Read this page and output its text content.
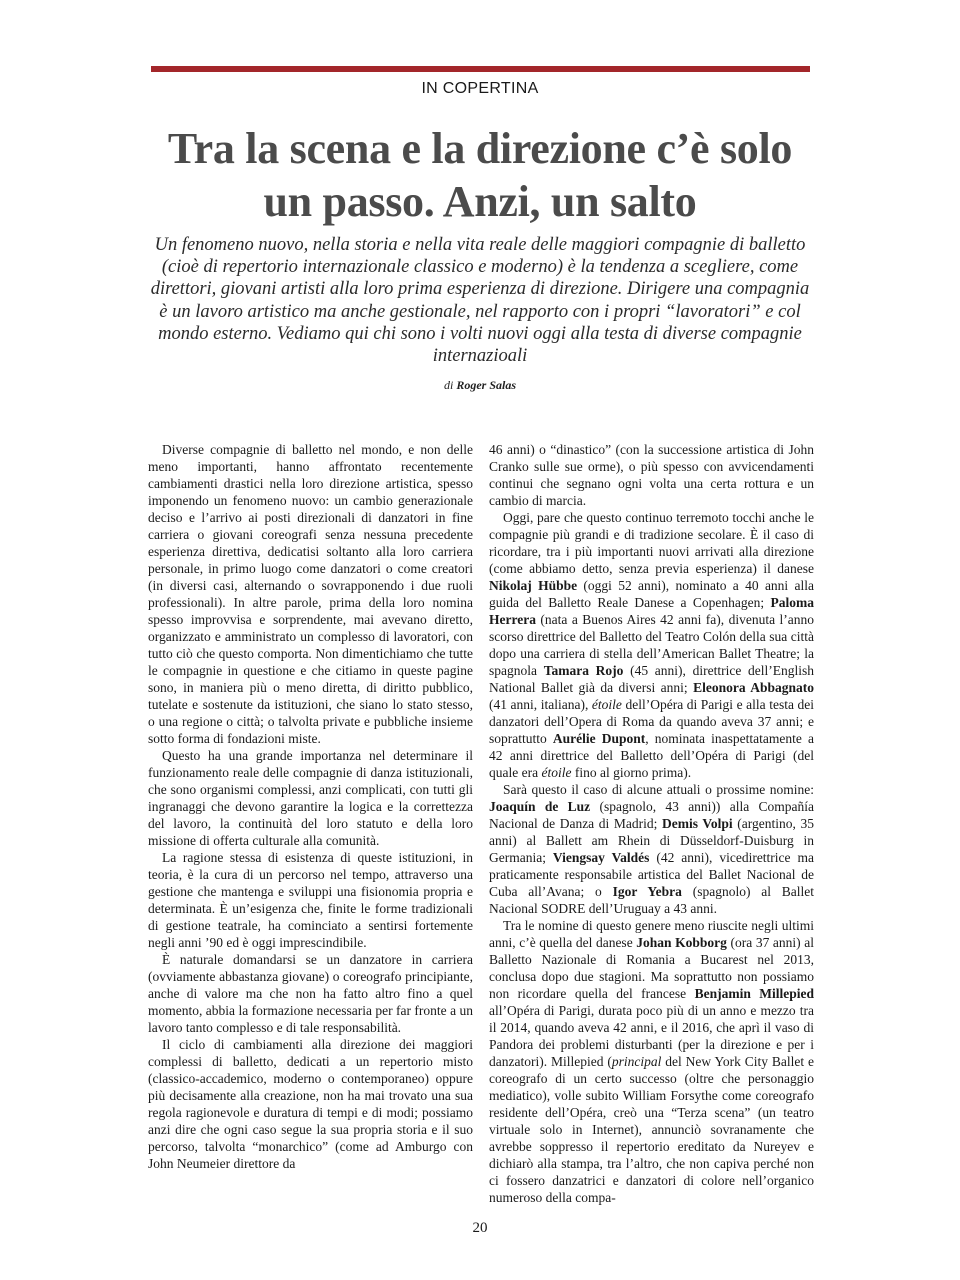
IN COPERTINA
Tra la scena e la direzione c’è solo un passo. Anzi, un salto

Un fenomeno nuovo, nella storia e nella vita reale delle maggiori compagnie di balletto (cioè di repertorio internazionale classico e moderno) è la tendenza a scegliere, come direttori, giovani artisti alla loro prima esperienza di direzione. Dirigere una compagnia è un lavoro artistico ma anche gestionale, nel rapporto con i propri “lavoratori” e col mondo esterno. Vediamo qui chi sono i volti nuovi oggi alla testa di diverse compagnie internazioali

di Roger Salas

Diverse compagnie di balletto nel mondo, e non delle meno importanti, hanno affrontato recentemente cambiamenti drastici nella loro direzione artistica, spesso imponendo un fenomeno nuovo: un cambio generazionale deciso e l’arrivo ai posti direzionali di danzatori in fine carriera o giovani coreografi senza nessuna precedente esperienza direttiva, dedicatisi soltanto alla loro carriera personale, in primo luogo come danzatori o come creatori (in diversi casi, alternando o sovrapponendo i due ruoli professionali). In altre parole, prima della loro nomina spesso improvvisa e sorprendente, mai avevano diretto, organizzato e amministrato un complesso di lavoratori, con tutto ciò che questo comporta. Non dimentichiamo che tutte le compagnie in questione e che citiamo in queste pagine sono, in maniera più o meno diretta, di diritto pubblico, tutelate e sostenute da istituzioni, che siano lo stato stesso, o una regione o città; o talvolta private e pubbliche insieme sotto forma di fondazioni miste.

Questo ha una grande importanza nel determinare il funzionamento reale delle compagnie di danza istituzionali, che sono organismi complessi, anzi complicati, con tutti gli ingranaggi che devono garantire la logica e la correttezza del lavoro, la continuità del loro statuto e della loro missione di offerta culturale alla comunità.

La ragione stessa di esistenza di queste istituzioni, in teoria, è la cura di un percorso nel tempo, attraverso una gestione che mantenga e sviluppi una fisionomia propria e determinata. È un’esigenza che, finite le forme tradizionali di gestione teatrale, ha cominciato a sentirsi fortemente negli anni ’90 ed è oggi imprescindibile.

È naturale domandarsi se un danzatore in carriera (ovviamente abbastanza giovane) o coreografo principiante, anche di valore ma che non ha fatto altro fino a quel momento, abbia la formazione necessaria per far fronte a un lavoro tanto complesso e di tale responsabilità.

Il ciclo di cambiamenti alla direzione dei maggiori complessi di balletto, dedicati a un repertorio misto (classico-accademico, moderno o contemporaneo) oppure più decisamente alla creazione, non ha mai trovato una sua regola ragionevole e duratura di tempi e di modi; possiamo anzi dire che ogni caso segue la sua propria storia e il suo percorso, talvolta “monarchico” (come ad Amburgo con John Neumeier direttore da

46 anni) o “dinastico” (con la successione artistica di John Cranko sulle sue orme), o più spesso con avvicendamenti continui che segnano ogni volta una certa rottura e un cambio di marcia.

Oggi, pare che questo continuo terremoto tocchi anche le compagnie più grandi e di tradizione secolare. È il caso di ricordare, tra i più importanti nuovi arrivati alla direzione (come abbiamo detto, senza previa esperienza) il danese Nikolaj Hübbe (oggi 52 anni), nominato a 40 anni alla guida del Balletto Reale Danese a Copenhagen; Paloma Herrera (nata a Buenos Aires 42 anni fa), divenuta l’anno scorso direttrice del Balletto del Teatro Colón della sua città dopo una carriera di stella dell’American Ballet Theatre; la spagnola Tamara Rojo (45 anni), direttrice dell’English National Ballet già da diversi anni; Eleonora Abbagnato (41 anni, italiana), étoile dell’Opéra di Parigi e alla testa dei danzatori dell’Opera di Roma da quando aveva 37 anni; e soprattutto Aurélie Dupont, nominata inaspettatamente a 42 anni direttrice del Balletto dell’Opéra di Parigi (del quale era étoile fino al giorno prima).

Sarà questo il caso di alcune attuali o prossime nomine: Joaquín de Luz (spagnolo, 43 anni)) alla Compañía Nacional de Danza di Madrid; Demis Volpi (argentino, 35 anni) al Ballett am Rhein di Düsseldorf-Duisburg in Germania; Viengsay Valdés (42 anni), vicedirettrice ma praticamente responsabile artistica del Ballet Nacional de Cuba all’Avana; o Igor Yebra (spagnolo) al Ballet Nacional SODRE dell’Uruguay a 43 anni.

Tra le nomine di questo genere meno riuscite negli ultimi anni, c’è quella del danese Johan Kobborg (ora 37 anni) al Balletto Nazionale di Romania a Bucarest nel 2013, conclusa dopo due stagioni. Ma soprattutto non possiamo non ricordare quella del francese Benjamin Millepied all’Opéra di Parigi, durata poco più di un anno e mezzo tra il 2014, quando aveva 42 anni, e il 2016, che aprì il vaso di Pandora dei problemi disturbanti (per la direzione e per i danzatori). Millepied (principal del New York City Ballet e coreografo di un certo successo (oltre che personaggio mediatico), volle subito William Forsythe come coreografo residente dell’Opéra, creò una “Terza scena” (un teatro virtuale solo in Internet), annunciò sovranamente che avrebbe soppresso il repertorio ereditato da Nureyev e dichiarò alla stampa, tra l’altro, che non capiva perché non ci fossero danzatrici e danzatori di colore nell’organico numeroso della compa-

20
